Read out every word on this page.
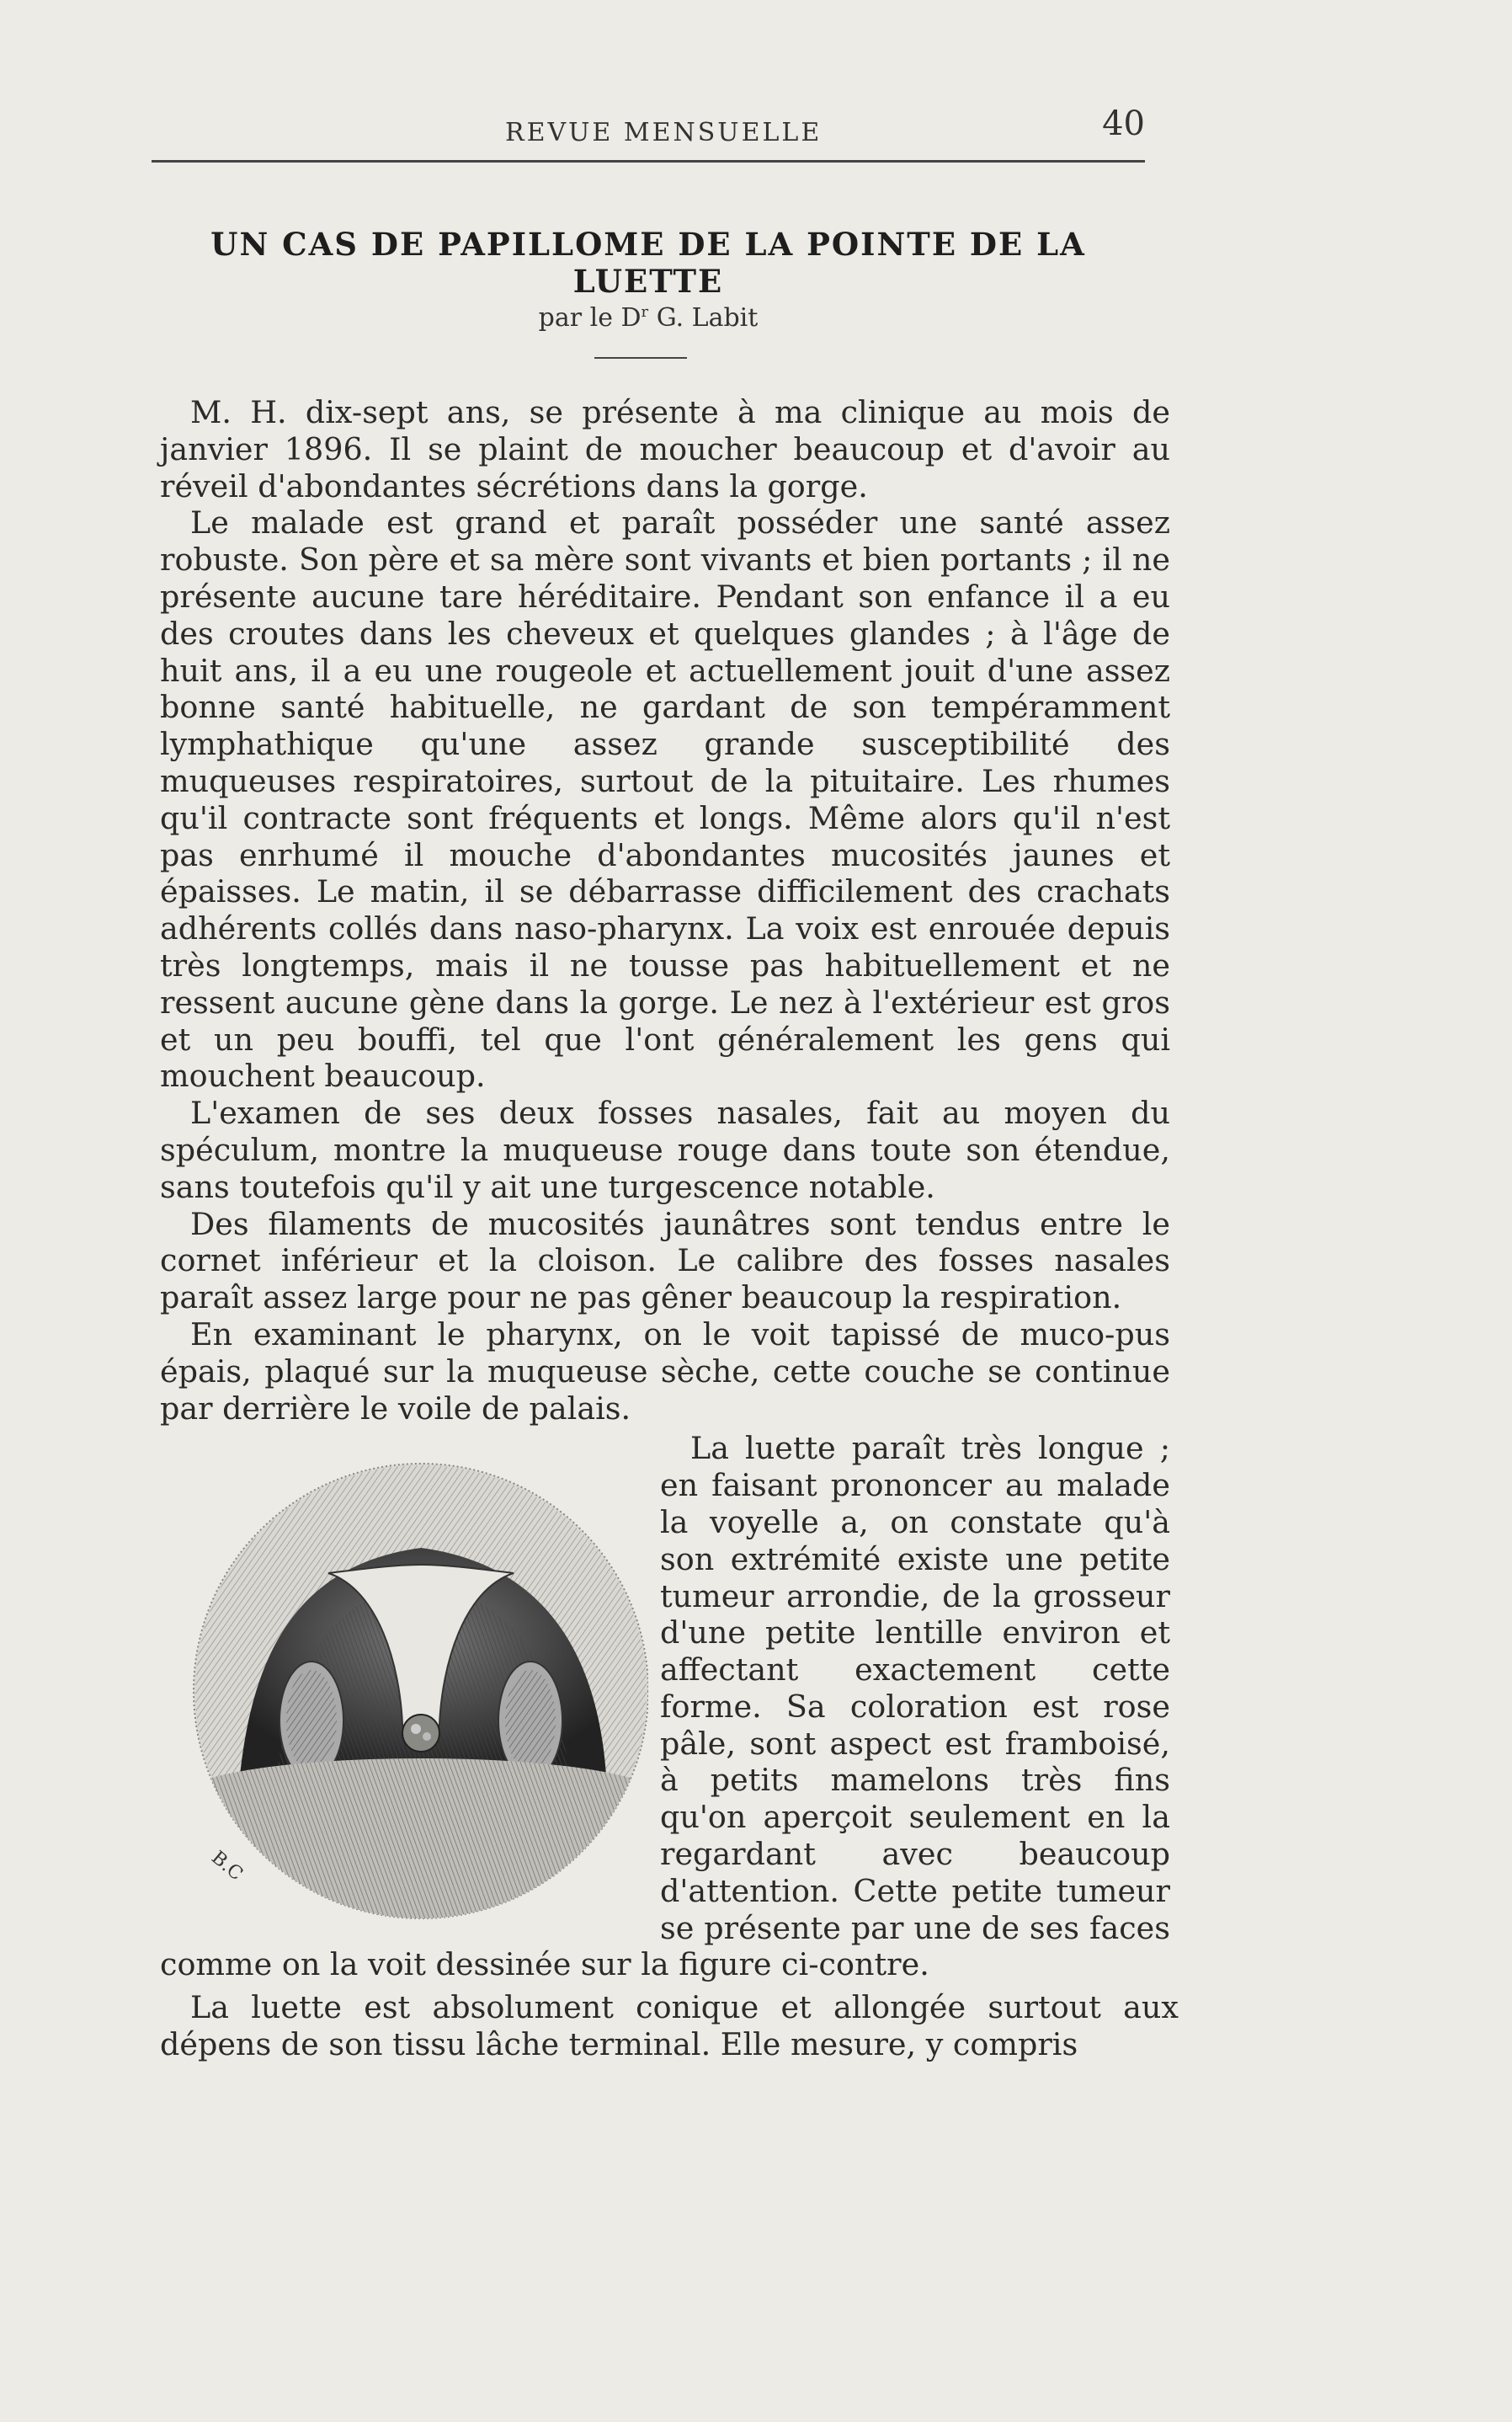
REVUE MENSUELLE	40
UN CAS DE PAPILLOME DE LA POINTE DE LA LUETTE
par le $D^r$ G. Labit

M. H. dix-sept ans, se présente à ma clinique au mois de janvier 1896. Il se plaint de moucher beaucoup et d'avoir au réveil d'abondantes sécrétions dans la gorge.

Le malade est grand et paraît posséder une santé assez robuste. Son père et sa mère sont vivants et bien portants ; il ne présente aucune tare héréditaire. Pendant son enfance il a eu des croutes dans les cheveux et quelques glandes ; à l'âge de huit ans, il a eu une rougeole et actuellement jouit d'une assez bonne santé habituelle, ne gardant de son tempéramment lymphathique qu'une assez grande susceptibilité des muqueuses respiratoires, surtout de la pituitaire. Les rhumes qu'il contracte sont fréquents et longs. Même alors qu'il n'est pas enrhumé il mouche d'abondantes mucosités jaunes et épaisses. Le matin, il se débarrasse difficilement des crachats adhérents collés dans naso-pharynx. La voix est enrouée depuis très longtemps, mais il ne tousse pas habituellement et ne ressent aucune gène dans la gorge. Le nez à l'extérieur est gros et un peu bouffi, tel que l'ont généralement les gens qui mouchent beaucoup.

L'examen de ses deux fosses nasales, fait au moyen du spéculum, montre la muqueuse rouge dans toute son étendue, sans toutefois qu'il y ait une turgescence notable.

Des filaments de mucosités jaunâtres sont tendus entre le cornet inférieur et la cloison. Le calibre des fosses nasales paraît assez large pour ne pas gêner beaucoup la respiration.

En examinant le pharynx, on le voit tapissé de muco-pus épais, plaqué sur la muqueuse sèche, cette couche se continue par derrière le voile de palais.

B.C

La luette paraît très longue ; en faisant prononcer au malade la voyelle a, on constate qu'à son extrémité existe une petite tumeur arrondie, de la grosseur d'une petite lentille environ et affectant exactement cette forme. Sa coloration est rose pâle, sont aspect est framboisé, à petits mamelons très fins qu'on aperçoit seulement en la regardant avec beaucoup d'attention. Cette petite tumeur se présente par une de ses faces comme on la voit dessinée sur la figure ci-contre.

La luette est absolument conique et allongée surtout aux dépens de son tissu lâche terminal. Elle mesure, y compris
